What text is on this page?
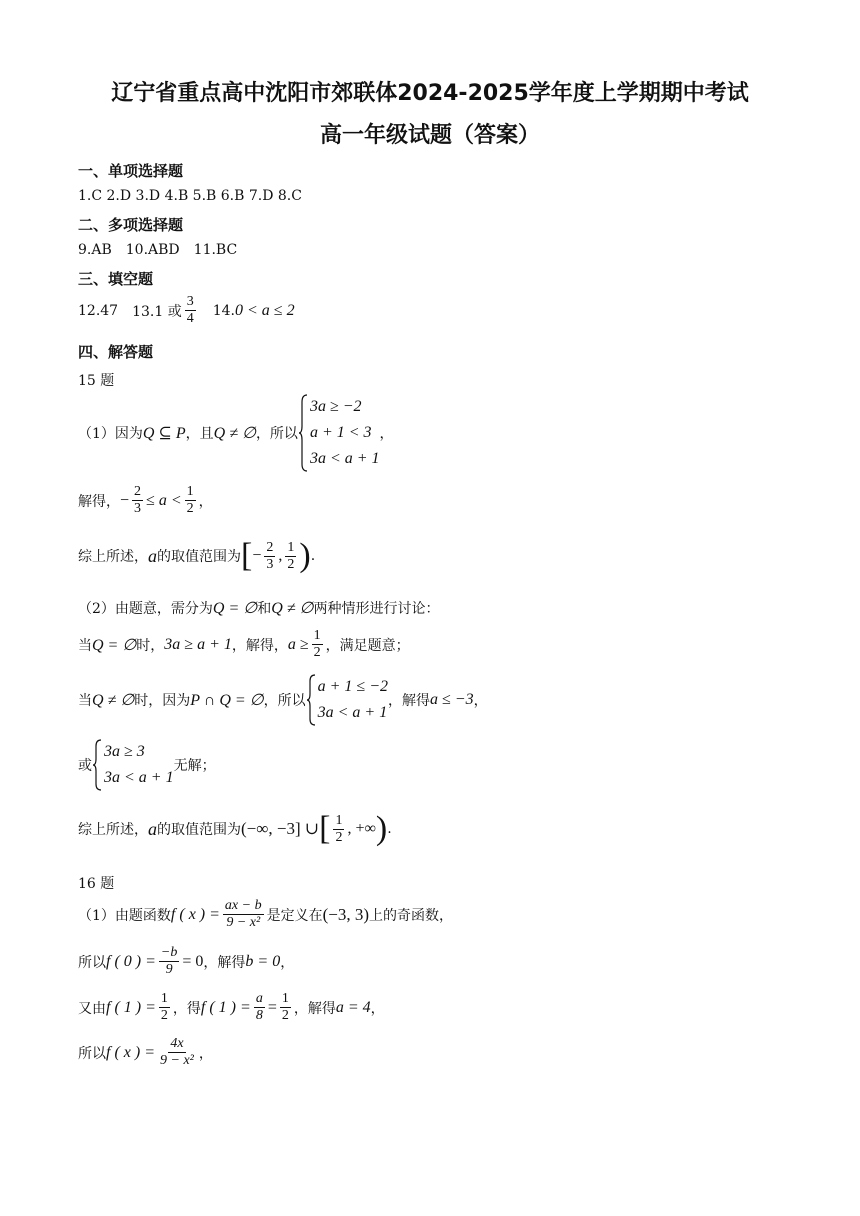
辽宁省重点高中沈阳市郊联体2024-2025学年度上学期期中考试
高一年级试题（答案）
一、单项选择题
1.C 2.D 3.D 4.B 5.B 6.B 7.D 8.C
二、多项选择题
9.AB 10.ABD 11.BC
三、填空题
12.47 13.1 或 $\frac{3}{4} 14$. 0 < a ≤ 2
四、解答题
15 题
（1）因为 Q ⊆ P ，且 Q ≠ ∅ ，所以
3a ≥ −2
a + 1 < 3
3a < a + 1
，
解得， − $\frac{2}{3} \le a < \frac{1}{2}$ ，
综上所述， a 的取值范围为 [ − $\frac{2}{3}$ , $\frac{1}{2}$ ) .
（2）由题意，需分为 Q = ∅ 和 Q ≠ ∅ 两种情形进行讨论：
当 Q = ∅ 时， 3a ≥ a + 1 ，解得， $a \ge \frac{1}{2}$ ，满足题意；
当 Q ≠ ∅ 时，因为 P ∩ Q = ∅ ，所以
a + 1 ≤ −2
3a < a + 1
，解得 a ≤ −3 ，
或
3a ≥ 3
3a < a + 1
无解；
综上所述， a 的取值范围为 (−∞, −3] ∪ [ $\frac{1}{2}$ , +∞ ) .
16 题
（1）由题函数 f ( x ) = $\frac{ax - b}{\text{9 − x²}}$ 是定义在 (−3, 3) 上的奇函数，
所以 f ( 0 ) = $\frac{-b}{9} = 0$ ，解得 b = 0 ，
又由 f ( 1 ) = $\frac{1}{2}$ ，得 f ( 1 ) = $\frac{a}{8} = \frac{1}{2}$ ，解得 a = 4 ，
所以 f ( x ) = $\frac{4x}{\text{9 − x²}}$ ，
